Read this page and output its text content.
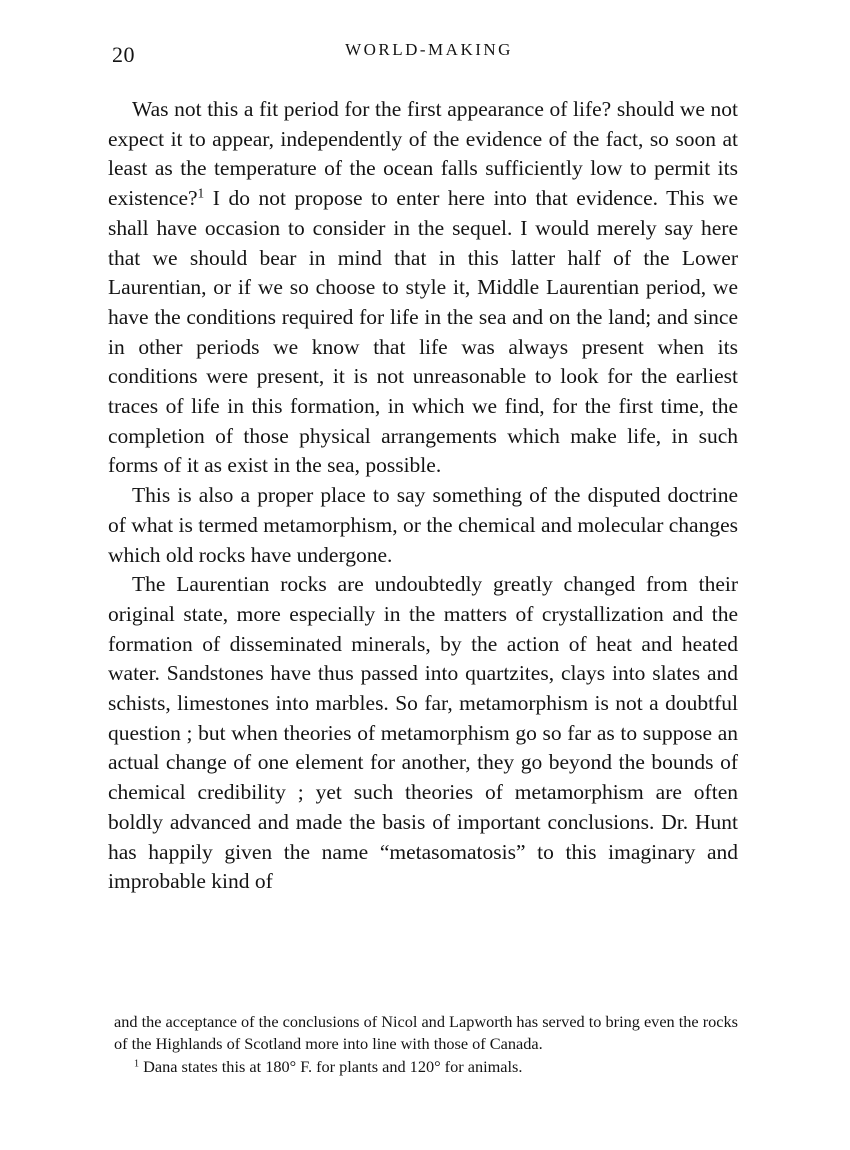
20	WORLD-MAKING

Was not this a fit period for the first appearance of life? should we not expect it to appear, independently of the evidence of the fact, so soon at least as the temperature of the ocean falls sufficiently low to permit its existence?$^1$ I do not propose to enter here into that evidence. This we shall have occasion to consider in the sequel. I would merely say here that we should bear in mind that in this latter half of the Lower Laurentian, or if we so choose to style it, Middle Laurentian period, we have the conditions required for life in the sea and on the land; and since in other periods we know that life was always present when its conditions were present, it is not unreasonable to look for the earliest traces of life in this formation, in which we find, for the first time, the completion of those physical arrangements which make life, in such forms of it as exist in the sea, possible.

This is also a proper place to say something of the disputed doctrine of what is termed metamorphism, or the chemical and molecular changes which old rocks have undergone.

The Laurentian rocks are undoubtedly greatly changed from their original state, more especially in the matters of crystallization and the formation of disseminated minerals, by the action of heat and heated water. Sandstones have thus passed into quartzites, clays into slates and schists, limestones into marbles. So far, metamorphism is not a doubtful question ; but when theories of metamorphism go so far as to suppose an actual change of one element for another, they go beyond the bounds of chemical credibility ; yet such theories of metamorphism are often boldly advanced and made the basis of important conclusions. Dr. Hunt has happily given the name “metasomatosis” to this imaginary and improbable kind of

and the acceptance of the conclusions of Nicol and Lapworth has served to bring even the rocks of the Highlands of Scotland more into line with those of Canada.

$^1$ Dana states this at 180° F. for plants and 120° for animals.
